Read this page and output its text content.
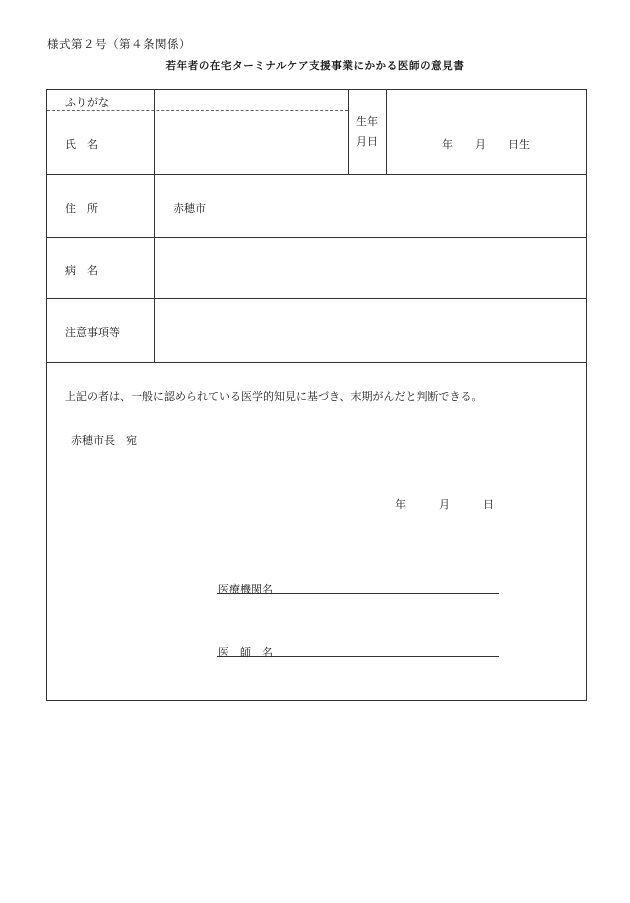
様式第２号（第４条関係）
若年者の在宅ターミナルケア支援事業にかかる医師の意見書
ふりがな
氏　名
生年
月日	年　　月　　日生
住　所	赤穂市
病　名
注意事項等
上記の者は、一般に認められている医学的知見に基づき、末期がんだと判断できる。
赤穂市長　宛
年　　　月　　　日
医療機関名
医　師　名
